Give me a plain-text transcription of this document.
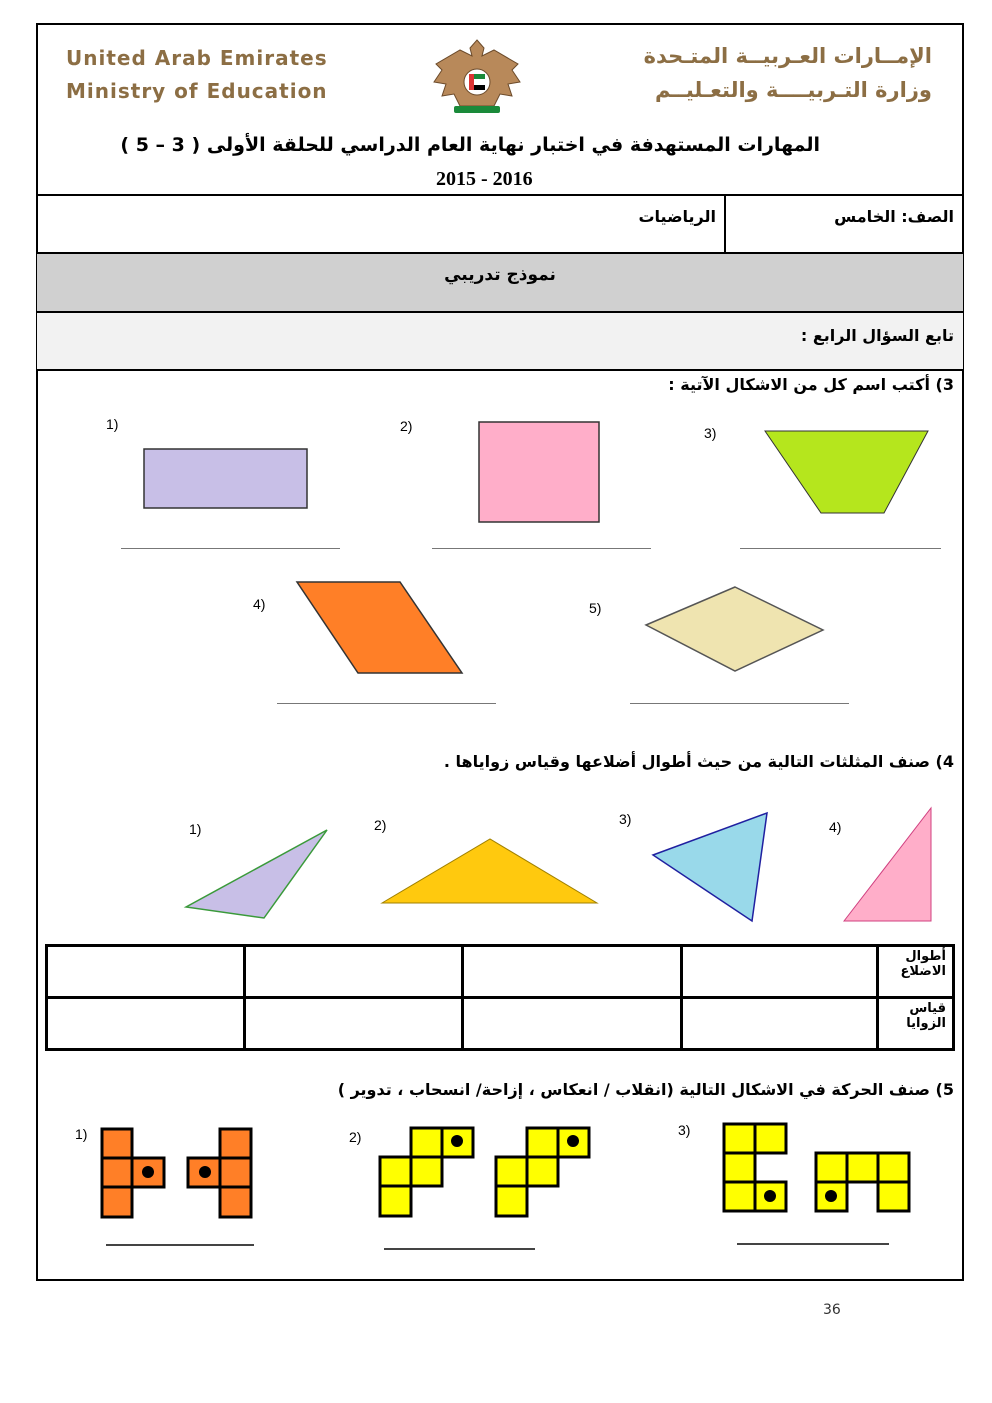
United Arab Emirates
Ministry of Education
الإمــارات العـربيــة المتـحدة
وزارة التـربيــــة والتعـليــم
المهارات المستهدفة في اختبار نهاية العام الدراسي للحلقة الأولى ( 3 – 5 )
2015 - 2016
الصف: الخامس
الرياضيات
نموذج تدريبي
تابع السؤال الرابع :
3) أكتب اسم كل من الاشكال الآتية :
1)	2)	3)
4)	5)
4) صنف المثلثات التالية من حيث أطوال أضلاعها وقياس زواياها .
1)	2)	3)	4)
				أطوال الاضلاع
				قياس الزوايا
5) صنف الحركة في الاشكال التالية (انقلاب / انعكاس ، إزاحة/ انسحاب ، تدوير )
1)	2)	3)
36
